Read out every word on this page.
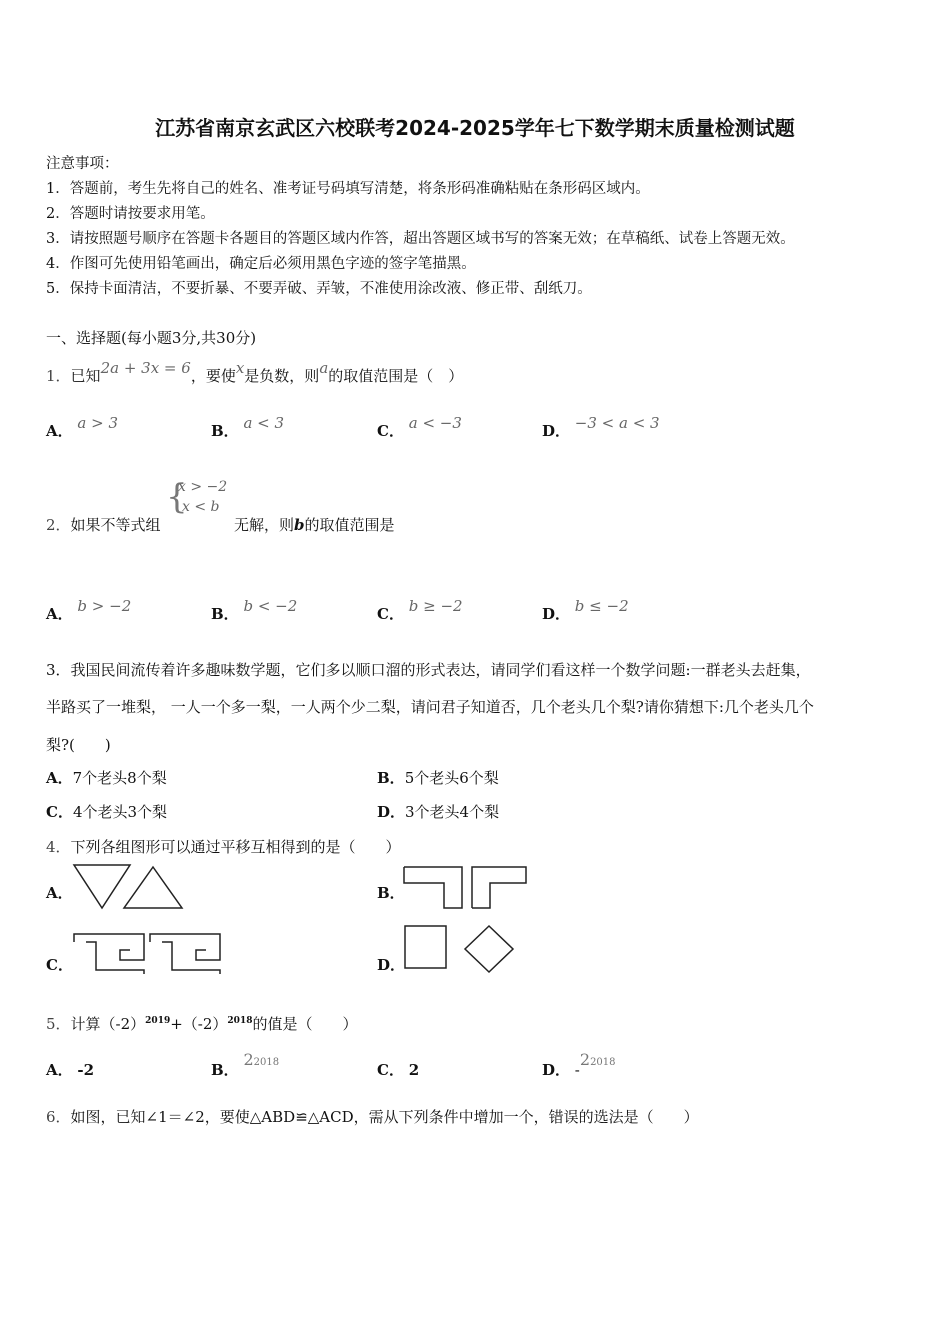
江苏省南京玄武区六校联考2024-2025学年七下数学期末质量检测试题
注意事项：
1．答题前，考生先将自己的姓名、准考证号码填写清楚，将条形码准确粘贴在条形码区域内。
2．答题时请按要求用笔。
3．请按照题号顺序在答题卡各题目的答题区域内作答，超出答题区域书写的答案无效；在草稿纸、试卷上答题无效。
4．作图可先使用铅笔画出，确定后必须用黑色字迹的签字笔描黑。
5．保持卡面清洁，不要折暴、不要弄破、弄皱，不准使用涂改液、修正带、刮纸刀。
一、选择题(每小题3分,共30分)
1．已知2a + 3x = 6，要使x是负数，则a的取值范围是（　）
A． a > 3	B． a < 3	C． a < −3	D． −3 < a < 3
2．如果不等式组
{
x > −2
x < b
无解，则b的取值范围是
A． b > −2	B． b < −2	C． b ≥ −2	D． b ≤ −2
3．我国民间流传着许多趣味数学题，它们多以顺口溜的形式表达，请同学们看这样一个数学问题:一群老头去赶集，
半路买了一堆梨， 一人一个多一梨，一人两个少二梨，请问君子知道否，几个老头几个梨?请你猜想下:几个老头几个
梨?(　　)
A．7个老头8个梨	B．5个老头6个梨
C．4个老头3个梨	D．3个老头4个梨
4．下列各组图形可以通过平移互相得到的是（　　）
A．	B．
C．	D．
5．计算$(-2)^{2019}+(-2)^{2018}$的值是（　　）
A． -2	B． $2^{2018}$	C． 2	D． $-2^{2018}$
6．如图，已知∠1＝∠2，要使△ABD≌△ACD，需从下列条件中增加一个，错误的选法是（　　）
